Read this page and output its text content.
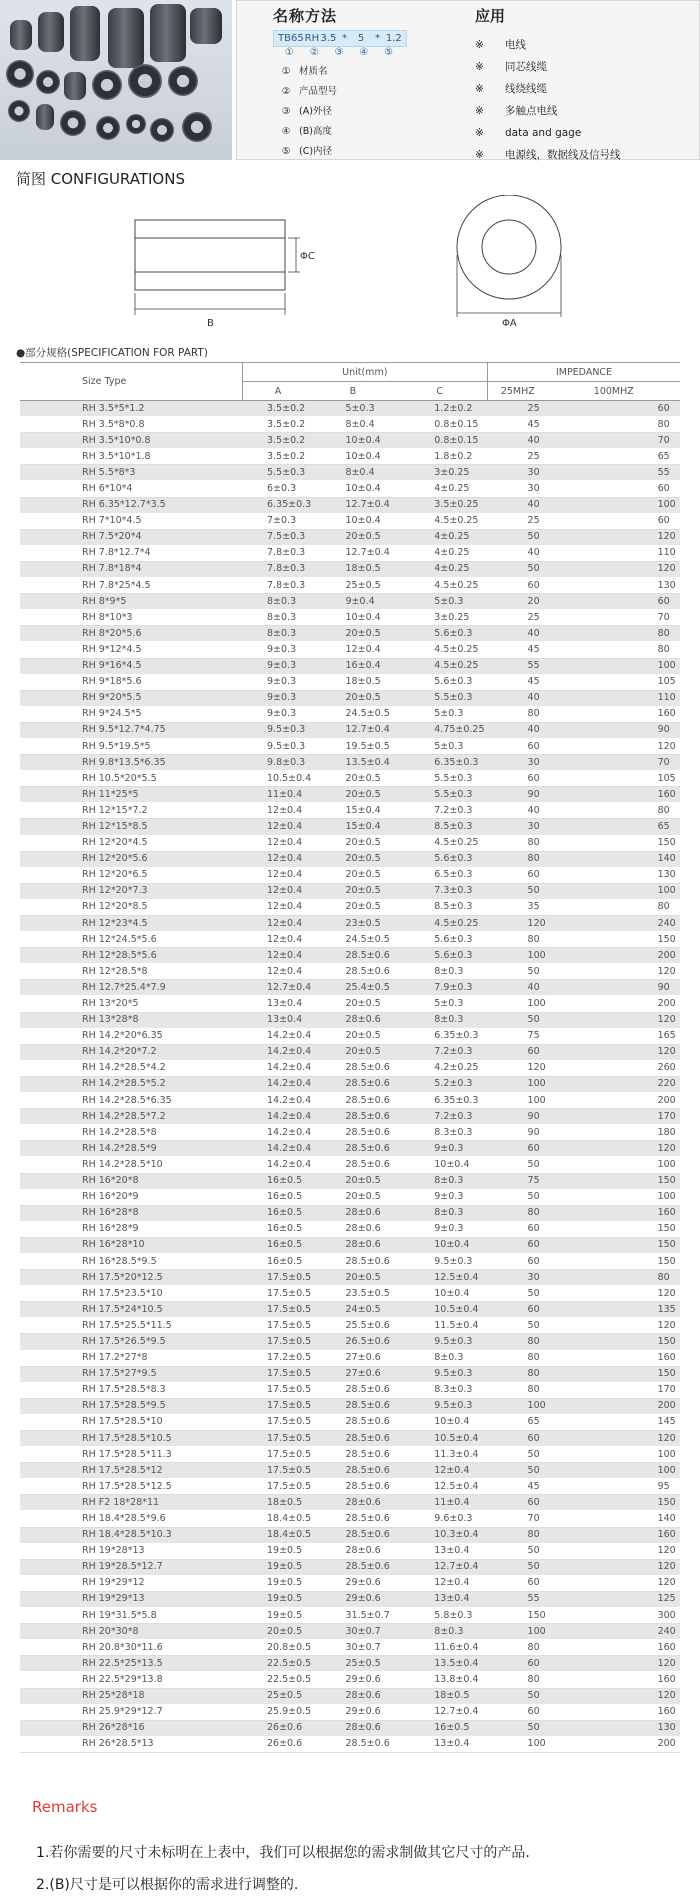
名称方法
TB65 RH 3.5 *	5	* 1.2
①	②	③	④	⑤
① 材质名
② 产品型号
③ (A)外径
④ (B)高度
⑤ (C)内径
应用
※	电线
※	同芯线缆
※	线绕线缆
※	多触点电线
※	data and gage
※	电源线，数据线及信号线
简图 CONFIGURATIONS
ΦC
B	ΦA
●部分规格(SPECIFICATION FOR PART)
Size Type	Unit(mm)			IMPEDANCE	
	A	B	C	25MHZ	100MHZ
RH 3.5*5*1.2	3.5±0.2	5±0.3	1.2±0.2	25	60
RH 3.5*8*0.8	3.5±0.2	8±0.4	0.8±0.15	45	80
RH 3.5*10*0.8	3.5±0.2	10±0.4	0.8±0.15	40	70
RH 3.5*10*1.8	3.5±0.2	10±0.4	1.8±0.2	25	65
RH 5.5*8*3	5.5±0.3	8±0.4	3±0.25	30	55
RH 6*10*4	6±0.3	10±0.4	4±0.25	30	60
RH 6.35*12.7*3.5	6.35±0.3	12.7±0.4	3.5±0.25	40	100
RH 7*10*4.5	7±0.3	10±0.4	4.5±0.25	25	60
RH 7.5*20*4	7.5±0.3	20±0.5	4±0.25	50	120
RH 7.8*12.7*4	7.8±0.3	12.7±0.4	4±0.25	40	110
RH 7.8*18*4	7.8±0.3	18±0.5	4±0.25	50	120
RH 7.8*25*4.5	7.8±0.3	25±0.5	4.5±0.25	60	130
RH 8*9*5	8±0.3	9±0.4	5±0.3	20	60
RH 8*10*3	8±0.3	10±0.4	3±0.25	25	70
RH 8*20*5.6	8±0.3	20±0.5	5.6±0.3	40	80
RH 9*12*4.5	9±0.3	12±0.4	4.5±0.25	45	80
RH 9*16*4.5	9±0.3	16±0.4	4.5±0.25	55	100
RH 9*18*5.6	9±0.3	18±0.5	5.6±0.3	45	105
RH 9*20*5.5	9±0.3	20±0.5	5.5±0.3	40	110
RH 9*24.5*5	9±0.3	24.5±0.5	5±0.3	80	160
RH 9.5*12.7*4.75	9.5±0.3	12.7±0.4	4.75±0.25	40	90
RH 9.5*19.5*5	9.5±0.3	19.5±0.5	5±0.3	60	120
RH 9.8*13.5*6.35	9.8±0.3	13.5±0.4	6.35±0.3	30	70
RH 10.5*20*5.5	10.5±0.4	20±0.5	5.5±0.3	60	105
RH 11*25*5	11±0.4	20±0.5	5.5±0.3	90	160
RH 12*15*7.2	12±0.4	15±0.4	7.2±0.3	40	80
RH 12*15*8.5	12±0.4	15±0.4	8.5±0.3	30	65
RH 12*20*4.5	12±0.4	20±0.5	4.5±0.25	80	150
RH 12*20*5.6	12±0.4	20±0.5	5.6±0.3	80	140
RH 12*20*6.5	12±0.4	20±0.5	6.5±0.3	60	130
RH 12*20*7.3	12±0.4	20±0.5	7.3±0.3	50	100
RH 12*20*8.5	12±0.4	20±0.5	8.5±0.3	35	80
RH 12*23*4.5	12±0.4	23±0.5	4.5±0.25	120	240
RH 12*24.5*5.6	12±0.4	24.5±0.5	5.6±0.3	80	150
RH 12*28.5*5.6	12±0.4	28.5±0.6	5.6±0.3	100	200
RH 12*28.5*8	12±0.4	28.5±0.6	8±0.3	50	120
RH 12.7*25.4*7.9	12.7±0.4	25.4±0.5	7.9±0.3	40	90
RH 13*20*5	13±0.4	20±0.5	5±0.3	100	200
RH 13*28*8	13±0.4	28±0.6	8±0.3	50	120
RH 14.2*20*6.35	14.2±0.4	20±0.5	6.35±0.3	75	165
RH 14.2*20*7.2	14.2±0.4	20±0.5	7.2±0.3	60	120
RH 14.2*28.5*4.2	14.2±0.4	28.5±0.6	4.2±0.25	120	260
RH 14.2*28.5*5.2	14.2±0.4	28.5±0.6	5.2±0.3	100	220
RH 14.2*28.5*6.35	14.2±0.4	28.5±0.6	6.35±0.3	100	200
RH 14.2*28.5*7.2	14.2±0.4	28.5±0.6	7.2±0.3	90	170
RH 14.2*28.5*8	14.2±0.4	28.5±0.6	8.3±0.3	90	180
RH 14.2*28.5*9	14.2±0.4	28.5±0.6	9±0.3	60	120
RH 14.2*28.5*10	14.2±0.4	28.5±0.6	10±0.4	50	100
RH 16*20*8	16±0.5	20±0.5	8±0.3	75	150
RH 16*20*9	16±0.5	20±0.5	9±0.3	50	100
RH 16*28*8	16±0.5	28±0.6	8±0.3	80	160
RH 16*28*9	16±0.5	28±0.6	9±0.3	60	150
RH 16*28*10	16±0.5	28±0.6	10±0.4	60	150
RH 16*28.5*9.5	16±0.5	28.5±0.6	9.5±0.3	60	150
RH 17.5*20*12.5	17.5±0.5	20±0.5	12.5±0.4	30	80
RH 17.5*23.5*10	17.5±0.5	23.5±0.5	10±0.4	50	120
RH 17.5*24*10.5	17.5±0.5	24±0.5	10.5±0.4	60	135
RH 17.5*25.5*11.5	17.5±0.5	25.5±0.6	11.5±0.4	50	120
RH 17.5*26.5*9.5	17.5±0.5	26.5±0.6	9.5±0.3	80	150
RH 17.2*27*8	17.2±0.5	27±0.6	8±0.3	80	160
RH 17.5*27*9.5	17.5±0.5	27±0.6	9.5±0.3	80	150
RH 17.5*28.5*8.3	17.5±0.5	28.5±0.6	8.3±0.3	80	170
RH 17.5*28.5*9.5	17.5±0.5	28.5±0.6	9.5±0.3	100	200
RH 17.5*28.5*10	17.5±0.5	28.5±0.6	10±0.4	65	145
RH 17.5*28.5*10.5	17.5±0.5	28.5±0.6	10.5±0.4	60	120
RH 17.5*28.5*11.3	17.5±0.5	28.5±0.6	11.3±0.4	50	100
RH 17.5*28.5*12	17.5±0.5	28.5±0.6	12±0.4	50	100
RH 17.5*28.5*12.5	17.5±0.5	28.5±0.6	12.5±0.4	45	95
RH F2 18*28*11	18±0.5	28±0.6	11±0.4	60	150
RH 18.4*28.5*9.6	18.4±0.5	28.5±0.6	9.6±0.3	70	140
RH 18.4*28.5*10.3	18.4±0.5	28.5±0.6	10.3±0.4	80	160
RH 19*28*13	19±0.5	28±0.6	13±0.4	50	120
RH 19*28.5*12.7	19±0.5	28.5±0.6	12.7±0.4	50	120
RH 19*29*12	19±0.5	29±0.6	12±0.4	60	120
RH 19*29*13	19±0.5	29±0.6	13±0.4	55	125
RH 19*31.5*5.8	19±0.5	31.5±0.7	5.8±0.3	150	300
RH 20*30*8	20±0.5	30±0.7	8±0.3	100	240
RH 20.8*30*11.6	20.8±0.5	30±0.7	11.6±0.4	80	160
RH 22.5*25*13.5	22.5±0.5	25±0.5	13.5±0.4	60	120
RH 22.5*29*13.8	22.5±0.5	29±0.6	13.8±0.4	80	160
RH 25*28*18	25±0.5	28±0.6	18±0.5	50	120
RH 25.9*29*12.7	25.9±0.5	29±0.6	12.7±0.4	60	160
RH 26*28*16	26±0.6	28±0.6	16±0.5	50	130
RH 26*28.5*13	26±0.6	28.5±0.6	13±0.4	100	200
Remarks
1.若你需要的尺寸未标明在上表中，我们可以根据您的需求制做其它尺寸的产品.
2.(B)尺寸是可以根据你的需求进行调整的.
